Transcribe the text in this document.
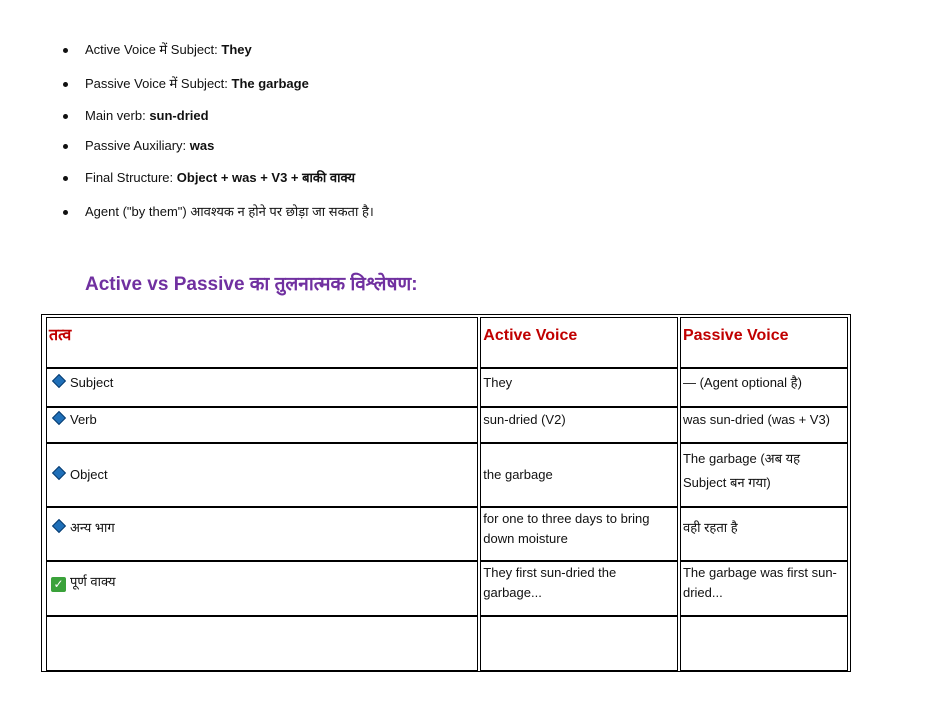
Active Voice में Subject: They
Passive Voice में Subject: The garbage
Main verb: sun-dried
Passive Auxiliary: was
Final Structure: Object + was + V3 + बाकी वाक्य
Agent ("by them") आवश्यक न होने पर छोड़ा जा सकता है।
Active vs Passive का तुलनात्मक विश्लेषण:
तत्व	Active Voice	Passive Voice
Subject	They	— (Agent optional है)
Verb	sun-dried (V2)	was sun-dried (was + V3)
Object	the garbage	The garbage (अब यह Subject बन गया)
अन्य भाग	for one to three days to bring down moisture	वही रहता है
✓ पूर्ण वाक्य	They first sun-dried the garbage...	The garbage was first sun-dried...
